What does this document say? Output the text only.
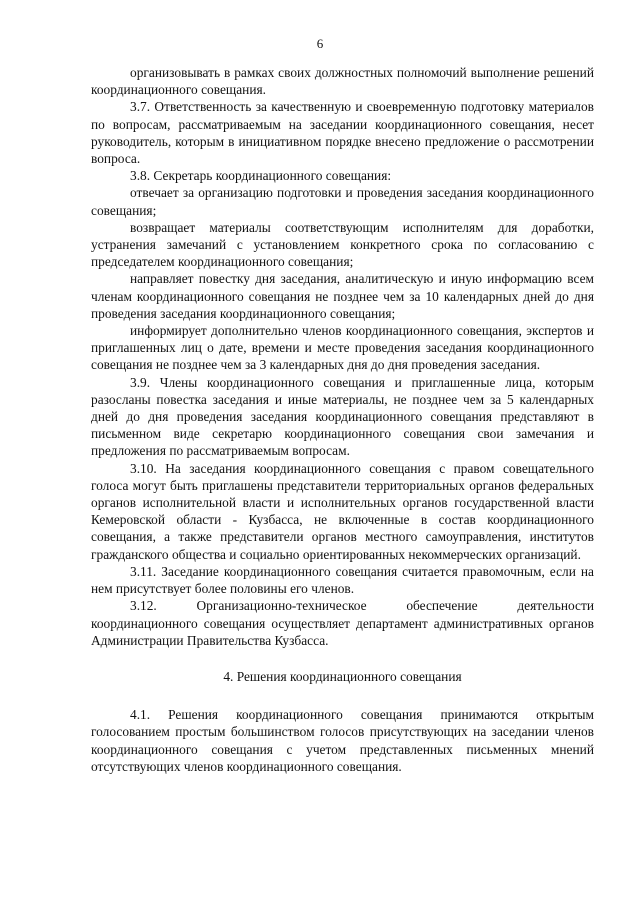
6

организовывать в рамках своих должностных полномочий выполнение решений координационного совещания.

3.7. Ответственность за качественную и своевременную подготовку материалов по вопросам, рассматриваемым на заседании координационного совещания, несет руководитель, которым в инициативном порядке внесено предложение о рассмотрении вопроса.

3.8. Секретарь координационного совещания:

отвечает за организацию подготовки и проведения заседания координационного совещания;

возвращает материалы соответствующим исполнителям для доработки, устранения замечаний с установлением конкретного срока по согласованию с председателем координационного совещания;

направляет повестку дня заседания, аналитическую и иную информацию всем членам координационного совещания не позднее чем за 10 календарных дней до дня проведения заседания координационного совещания;

информирует дополнительно членов координационного совещания, экспертов и приглашенных лиц о дате, времени и месте проведения заседания координационного совещания не позднее чем за 3 календарных дня до дня проведения заседания.

3.9. Члены координационного совещания и приглашенные лица, которым разосланы повестка заседания и иные материалы, не позднее чем за 5 календарных дней до дня проведения заседания координационного совещания представляют в письменном виде секретарю координационного совещания свои замечания и предложения по рассматриваемым вопросам.

3.10. На заседания координационного совещания с правом совещательного голоса могут быть приглашены представители территориальных органов федеральных органов исполнительной власти и исполнительных органов государственной власти Кемеровской области - Кузбасса, не включенные в состав координационного совещания, а также представители органов местного самоуправления, институтов гражданского общества и социально ориентированных некоммерческих организаций.

3.11. Заседание координационного совещания считается правомочным, если на нем присутствует более половины его членов.

3.12. Организационно-техническое обеспечение деятельности координационного совещания осуществляет департамент административных органов Администрации Правительства Кузбасса.

4. Решения координационного совещания

4.1. Решения координационного совещания принимаются открытым голосованием простым большинством голосов присутствующих на заседании членов координационного совещания с учетом представленных письменных мнений отсутствующих членов координационного совещания.
